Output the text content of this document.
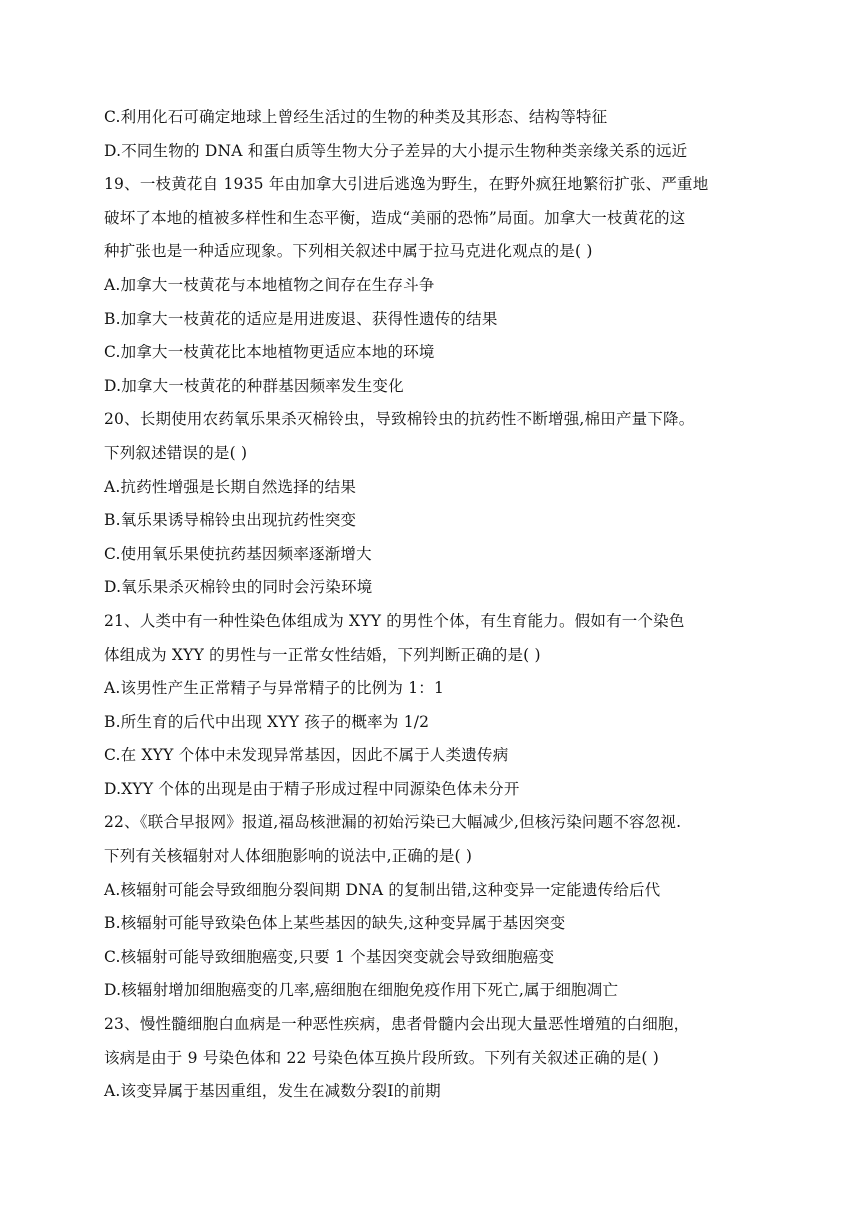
C.利用化石可确定地球上曾经生活过的生物的种类及其形态、结构等特征
D.不同生物的 DNA 和蛋白质等生物大分子差异的大小提示生物种类亲缘关系的远近
19、一枝黄花自 1935 年由加拿大引进后逃逸为野生，在野外疯狂地繁衍扩张、严重地
破坏了本地的植被多样性和生态平衡，造成“美丽的恐怖”局面。加拿大一枝黄花的这
种扩张也是一种适应现象。下列相关叙述中属于拉马克进化观点的是( )
A.加拿大一枝黄花与本地植物之间存在生存斗争
B.加拿大一枝黄花的适应是用进废退、获得性遗传的结果
C.加拿大一枝黄花比本地植物更适应本地的环境
D.加拿大一枝黄花的种群基因频率发生变化
20、长期使用农药氧乐果杀灭棉铃虫，导致棉铃虫的抗药性不断增强,棉田产量下降。
下列叙述错误的是( )
A.抗药性增强是长期自然选择的结果
B.氧乐果诱导棉铃虫出现抗药性突变
C.使用氧乐果使抗药基因频率逐渐增大
D.氧乐果杀灭棉铃虫的同时会污染环境
21、人类中有一种性染色体组成为 XYY 的男性个体，有生育能力。假如有一个染色
体组成为 XYY 的男性与一正常女性结婚，下列判断正确的是( )
A.该男性产生正常精子与异常精子的比例为 1：1
B.所生育的后代中出现 XYY 孩子的概率为 1/2
C.在 XYY 个体中未发现异常基因，因此不属于人类遗传病
D.XYY 个体的出现是由于精子形成过程中同源染色体未分开
22、《联合早报网》报道,福岛核泄漏的初始污染已大幅减少,但核污染问题不容忽视.
下列有关核辐射对人体细胞影响的说法中,正确的是( )
A.核辐射可能会导致细胞分裂间期 DNA 的复制出错,这种变异一定能遗传给后代
B.核辐射可能导致染色体上某些基因的缺失,这种变异属于基因突变
C.核辐射可能导致细胞癌变,只要 1 个基因突变就会导致细胞癌变
D.核辐射增加细胞癌变的几率,癌细胞在细胞免疫作用下死亡,属于细胞凋亡
23、慢性髓细胞白血病是一种恶性疾病，患者骨髓内会出现大量恶性增殖的白细胞，
该病是由于 9 号染色体和 22 号染色体互换片段所致。下列有关叙述正确的是( )
A.该变异属于基因重组，发生在减数分裂Ⅰ的前期
